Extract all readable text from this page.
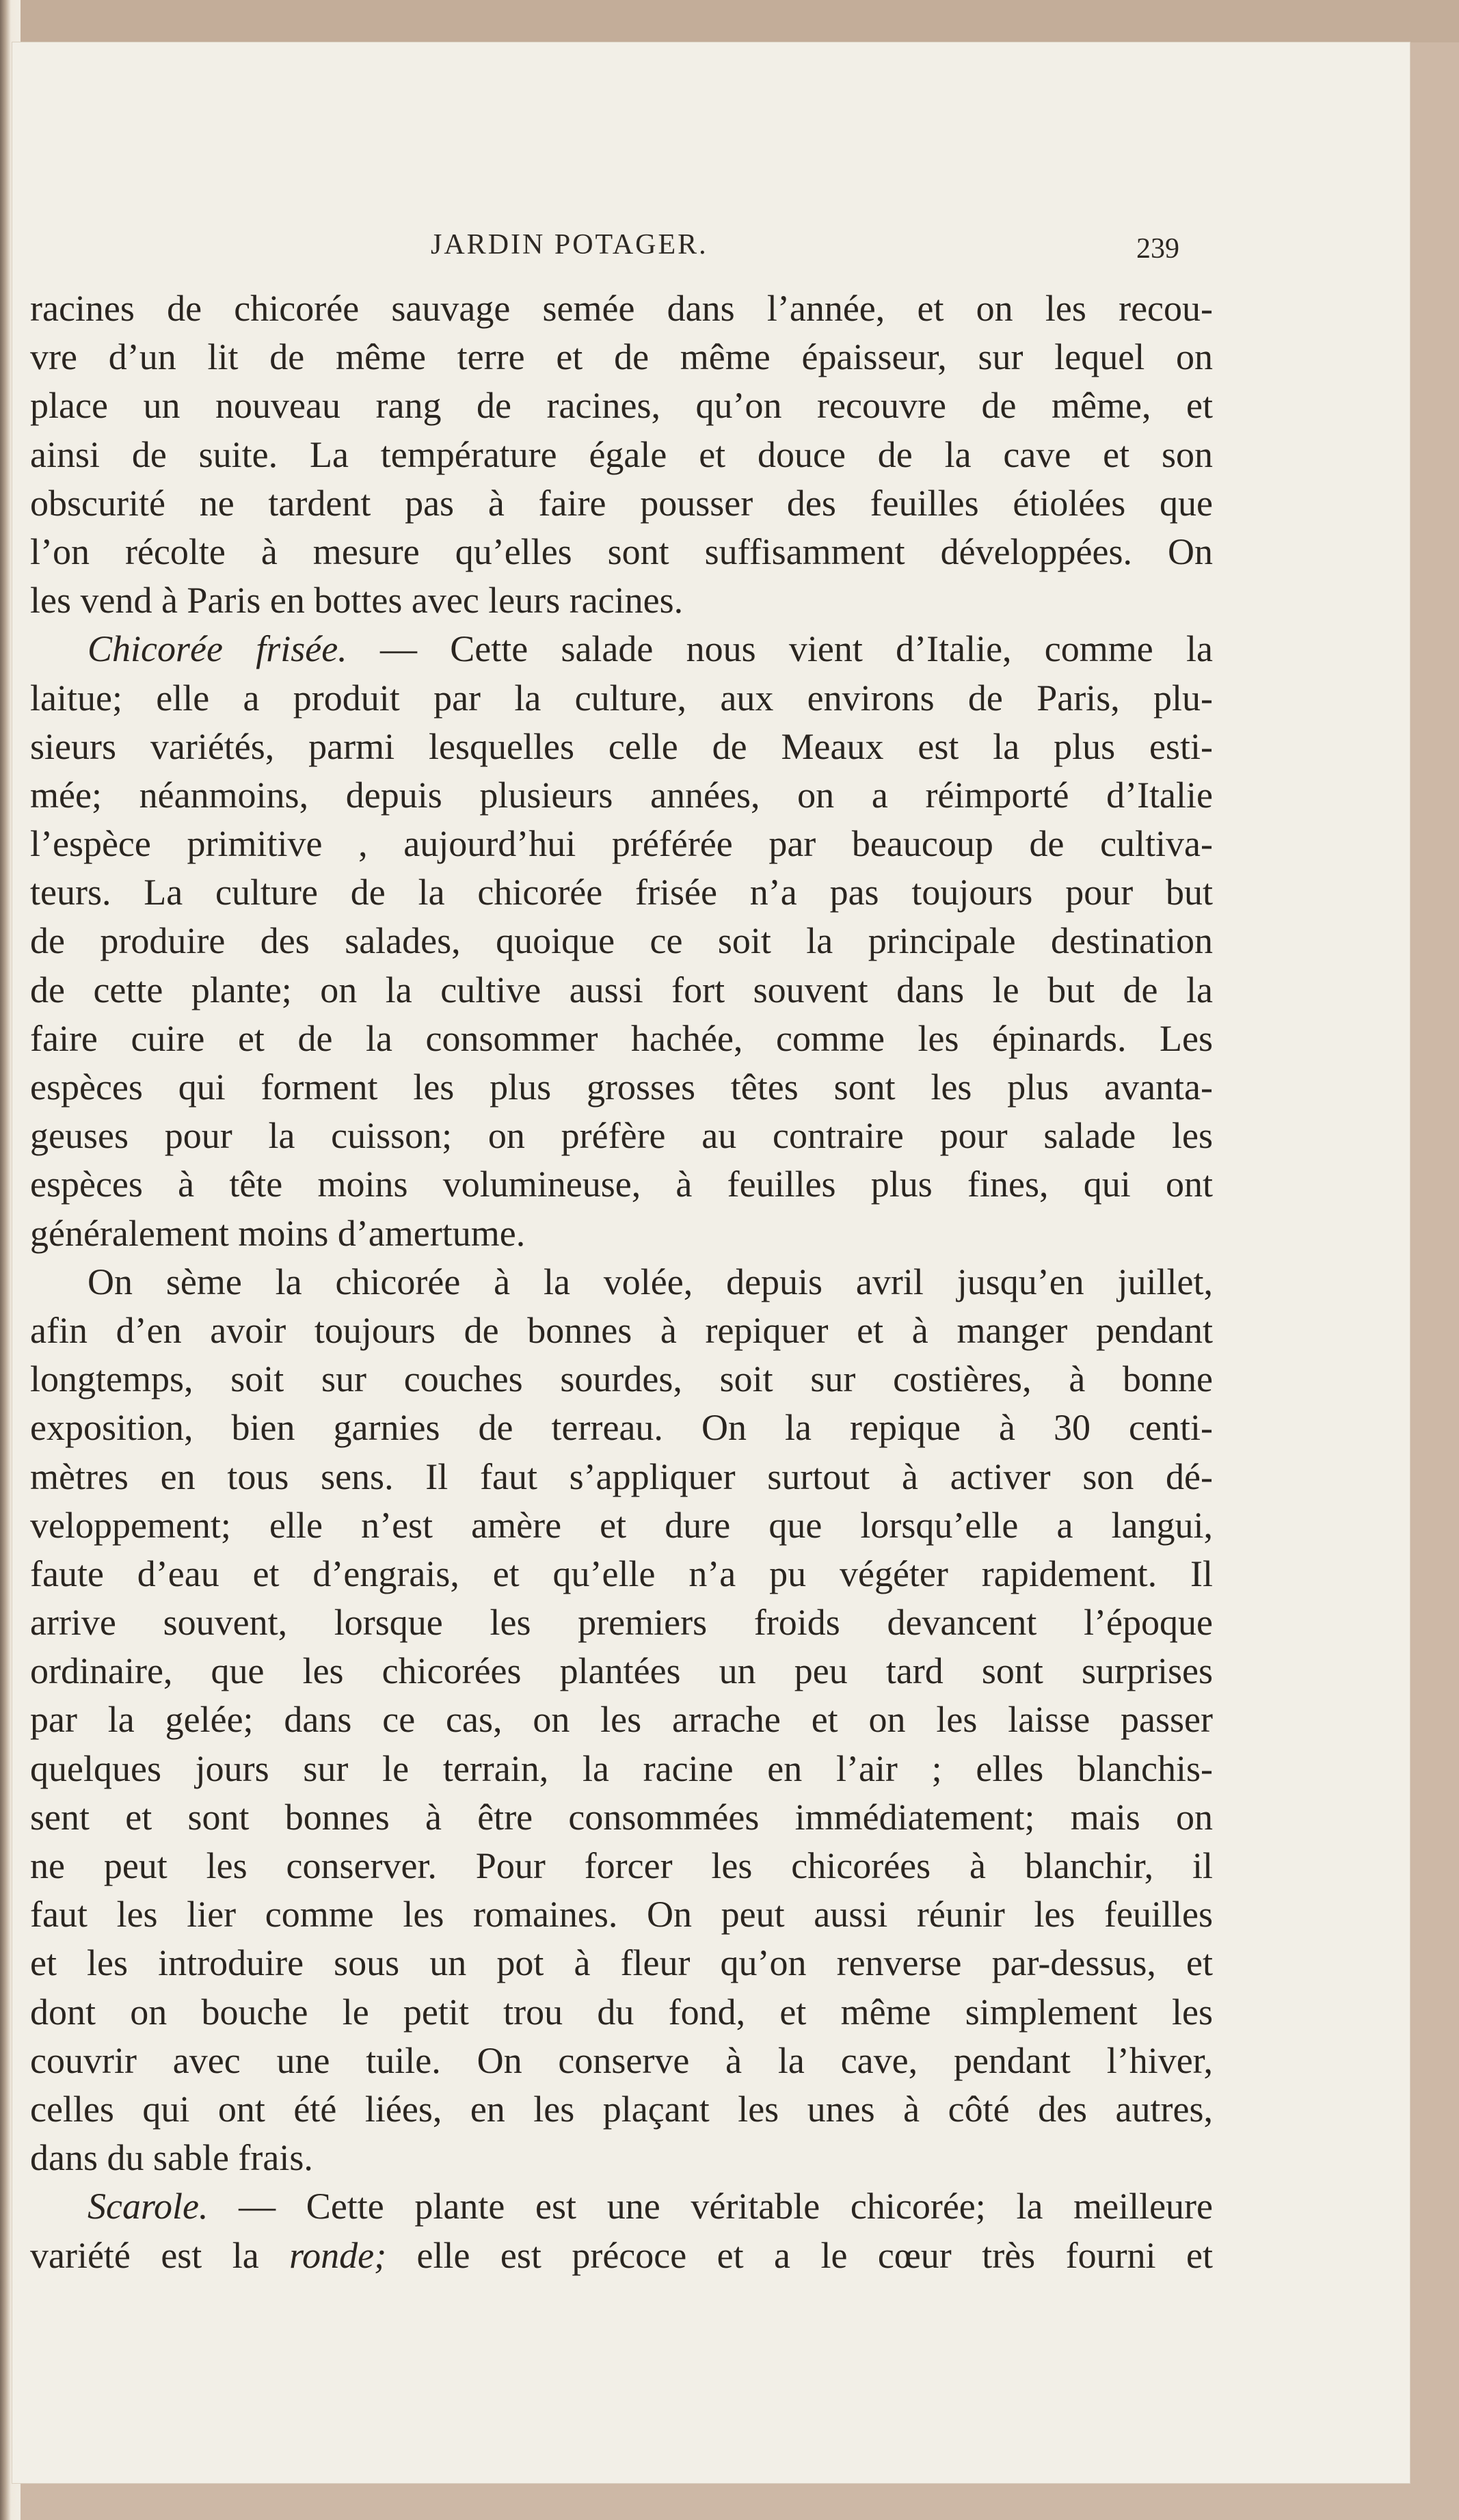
JARDIN POTAGER.	239
racines de chicorée sauvage semée dans l’année, et on les recou-
vre d’un lit de même terre et de même épaisseur, sur lequel on
place un nouveau rang de racines, qu’on recouvre de même, et
ainsi de suite. La température égale et douce de la cave et son
obscurité ne tardent pas à faire pousser des feuilles étiolées que
l’on récolte à mesure qu’elles sont suffisamment développées. On
les vend à Paris en bottes avec leurs racines.
Chicorée frisée. — Cette salade nous vient d’Italie, comme la
laitue; elle a produit par la culture, aux environs de Paris, plu-
sieurs variétés, parmi lesquelles celle de Meaux est la plus esti-
mée; néanmoins, depuis plusieurs années, on a réimporté d’Italie
l’espèce primitive , aujourd’hui préférée par beaucoup de cultiva-
teurs. La culture de la chicorée frisée n’a pas toujours pour but
de produire des salades, quoique ce soit la principale destination
de cette plante; on la cultive aussi fort souvent dans le but de la
faire cuire et de la consommer hachée, comme les épinards. Les
espèces qui forment les plus grosses têtes sont les plus avanta-
geuses pour la cuisson; on préfère au contraire pour salade les
espèces à tête moins volumineuse, à feuilles plus fines, qui ont
généralement moins d’amertume.
On sème la chicorée à la volée, depuis avril jusqu’en juillet,
afin d’en avoir toujours de bonnes à repiquer et à manger pendant
longtemps, soit sur couches sourdes, soit sur costières, à bonne
exposition, bien garnies de terreau. On la repique à 30 centi-
mètres en tous sens. Il faut s’appliquer surtout à activer son dé-
veloppement; elle n’est amère et dure que lorsqu’elle a langui,
faute d’eau et d’engrais, et qu’elle n’a pu végéter rapidement. Il
arrive souvent, lorsque les premiers froids devancent l’époque
ordinaire, que les chicorées plantées un peu tard sont surprises
par la gelée; dans ce cas, on les arrache et on les laisse passer
quelques jours sur le terrain, la racine en l’air ; elles blanchis-
sent et sont bonnes à être consommées immédiatement; mais on
ne peut les conserver. Pour forcer les chicorées à blanchir, il
faut les lier comme les romaines. On peut aussi réunir les feuilles
et les introduire sous un pot à fleur qu’on renverse par-dessus, et
dont on bouche le petit trou du fond, et même simplement les
couvrir avec une tuile. On conserve à la cave, pendant l’hiver,
celles qui ont été liées, en les plaçant les unes à côté des autres,
dans du sable frais.
Scarole. — Cette plante est une véritable chicorée; la meilleure
variété est la ronde; elle est précoce et a le cœur très fourni et
